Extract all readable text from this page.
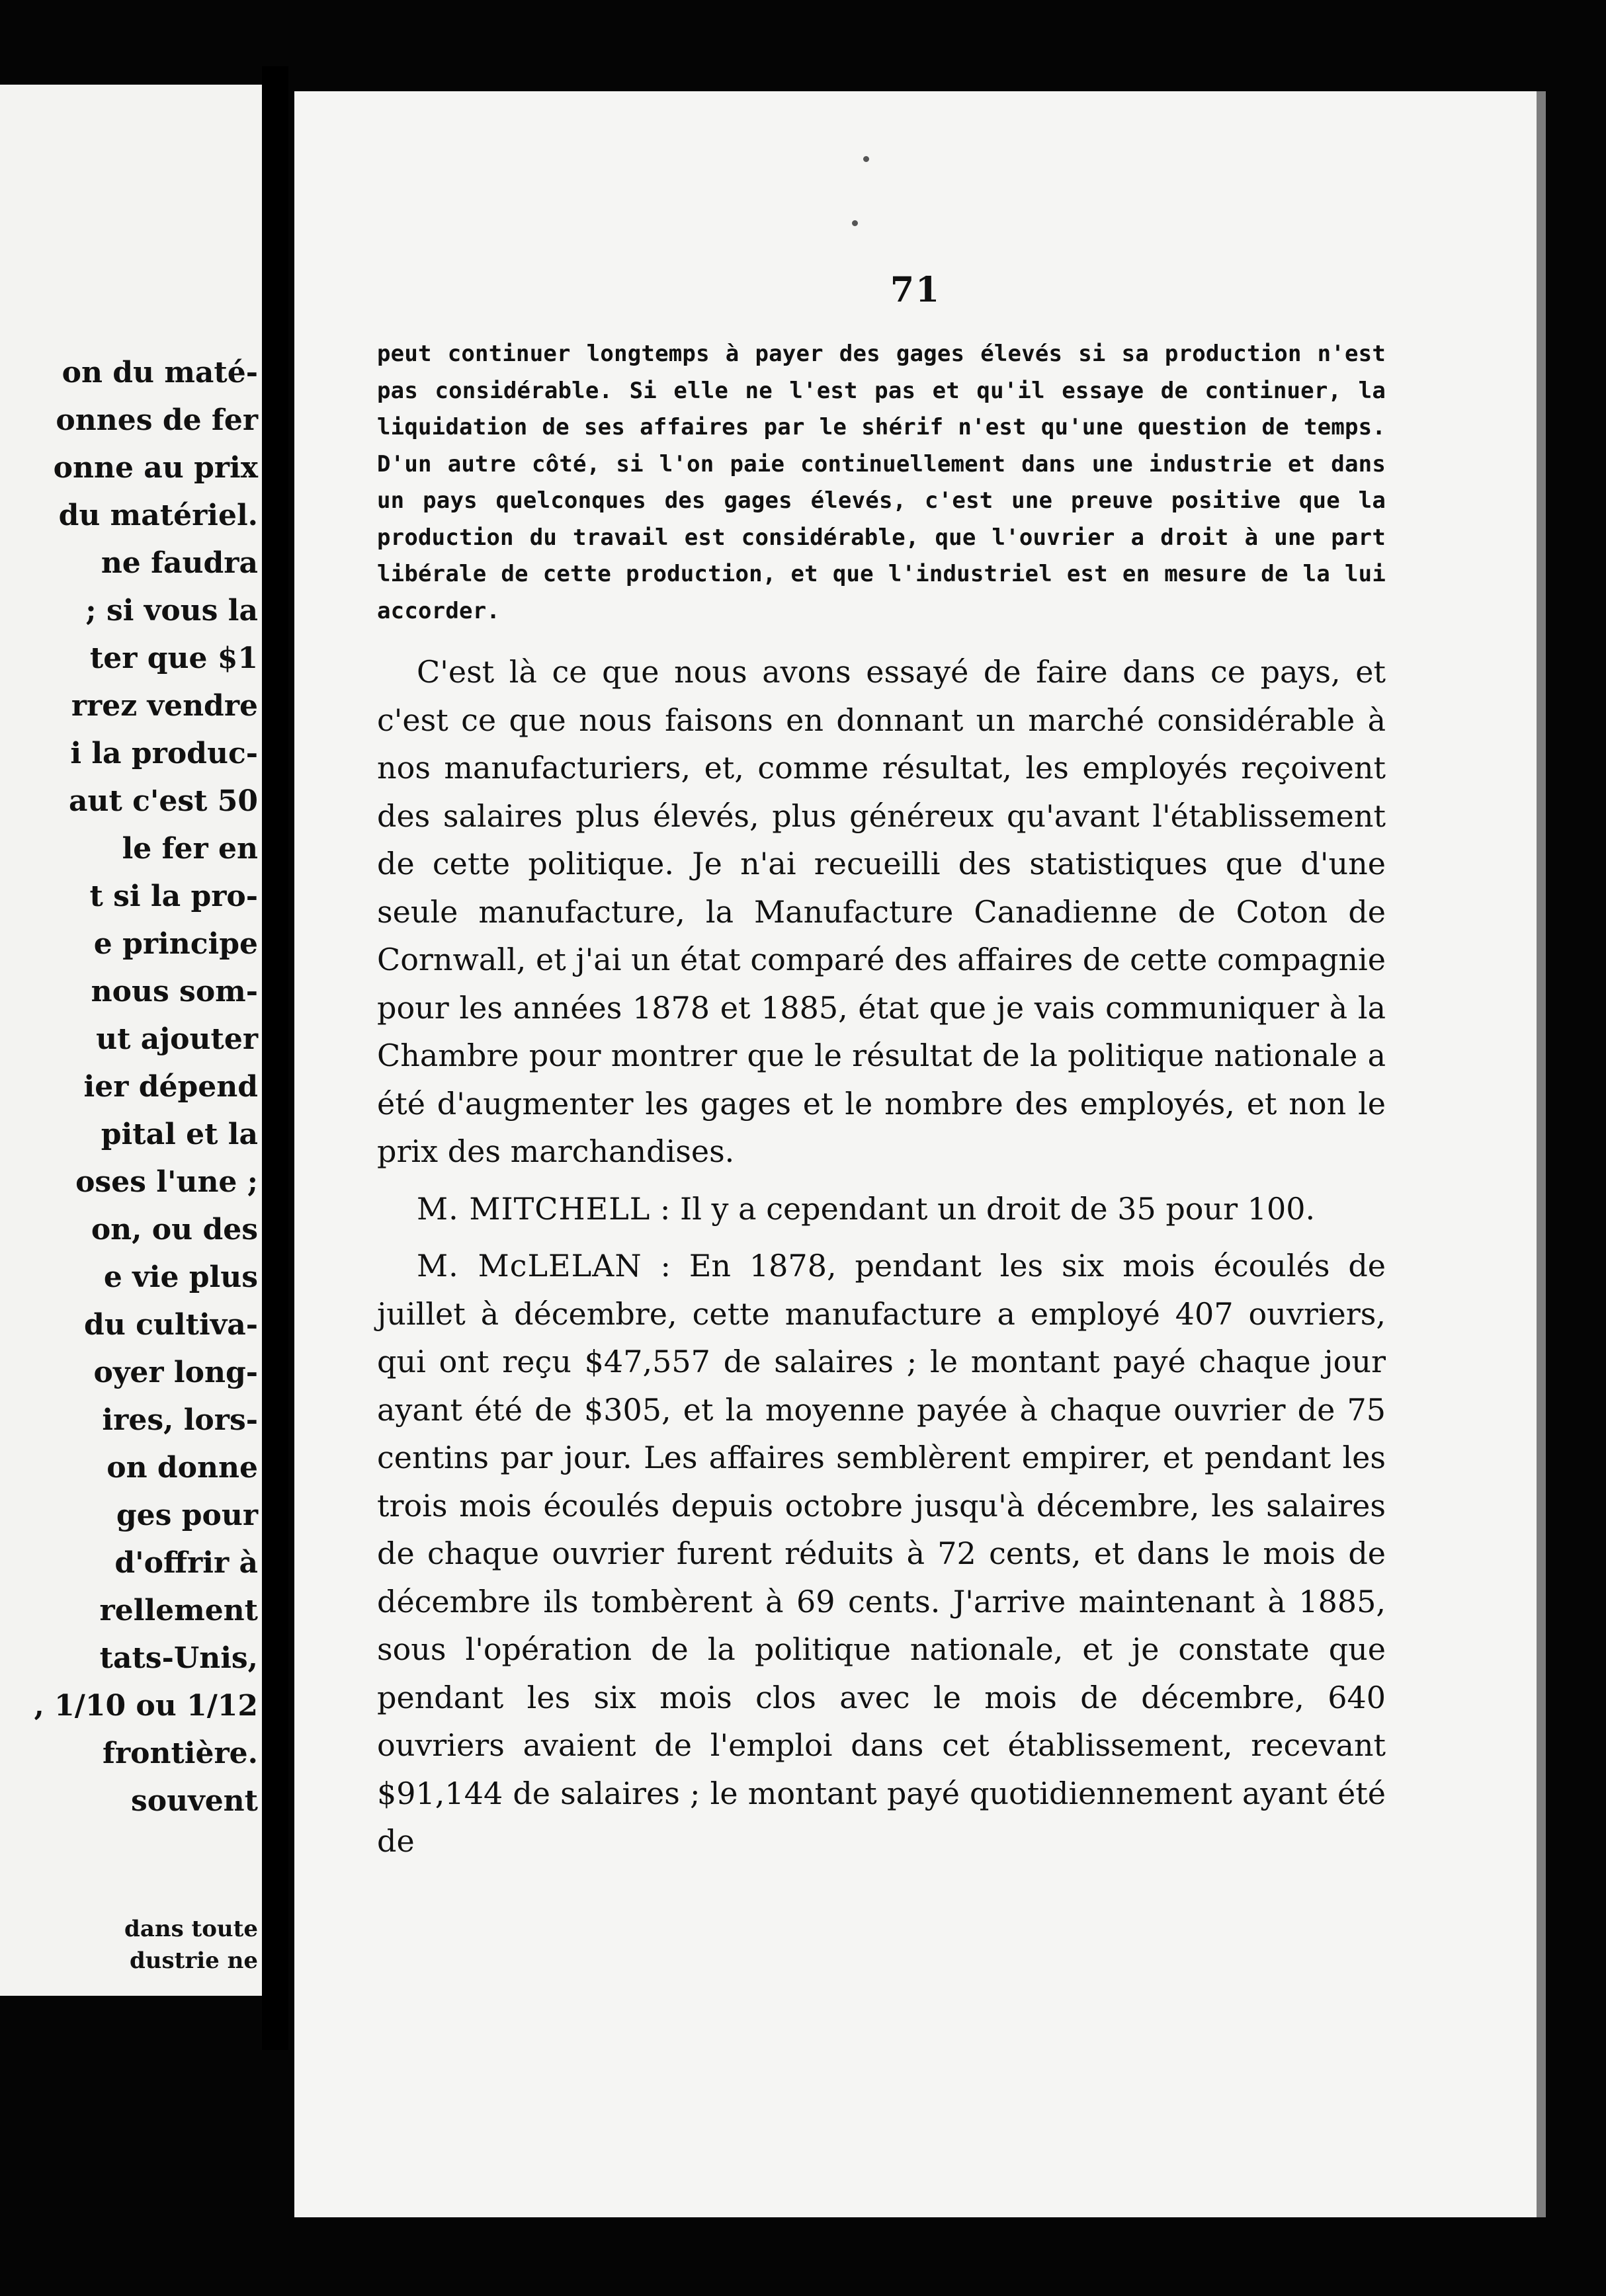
on du maté-
onnes de fer
onne au prix
du matériel.
ne faudra
; si vous la
ter que $1
rrez vendre
i la produc-
aut c'est 50
le fer en
t si la pro-
e principe
nous som-
ut ajouter
ier dépend
pital et la
oses l'une ;
on, ou des
e vie plus
du cultiva-
oyer long-
ires, lors-
on donne
ges pour
d'offrir à
rellement
tats-Unis,
, 1/10 ou 1/12
frontière.
souvent
dans toute
dustrie ne
71

peut continuer longtemps à payer des gages élevés si sa production n'est pas considérable. Si elle ne l'est pas et qu'il essaye de continuer, la liquidation de ses affaires par le shérif n'est qu'une question de temps. D'un autre côté, si l'on paie continuellement dans une industrie et dans un pays quelconques des gages élevés, c'est une preuve positive que la production du travail est considérable, que l'ouvrier a droit à une part libérale de cette production, et que l'industriel est en mesure de la lui accorder.

C'est là ce que nous avons essayé de faire dans ce pays, et c'est ce que nous faisons en donnant un marché considérable à nos manufacturiers, et, comme résultat, les employés reçoivent des salaires plus élevés, plus généreux qu'avant l'établissement de cette politique. Je n'ai recueilli des statistiques que d'une seule manufacture, la Manufacture Canadienne de Coton de Cornwall, et j'ai un état comparé des affaires de cette compagnie pour les années 1878 et 1885, état que je vais communiquer à la Chambre pour montrer que le résultat de la politique nationale a été d'augmenter les gages et le nombre des employés, et non le prix des marchandises.

M. MITCHELL : Il y a cependant un droit de 35 pour 100.

M. McLELAN : En 1878, pendant les six mois écoulés de juillet à décembre, cette manufacture a employé 407 ouvriers, qui ont reçu $47,557 de salaires ; le montant payé chaque jour ayant été de $305, et la moyenne payée à chaque ouvrier de 75 centins par jour. Les affaires semblèrent empirer, et pendant les trois mois écoulés depuis octobre jusqu'à décembre, les salaires de chaque ouvrier furent réduits à 72 cents, et dans le mois de décembre ils tombèrent à 69 cents. J'arrive maintenant à 1885, sous l'opération de la politique nationale, et je constate que pendant les six mois clos avec le mois de décembre, 640 ouvriers avaient de l'emploi dans cet établissement, recevant $91,144 de salaires ; le montant payé quotidiennement ayant été de
